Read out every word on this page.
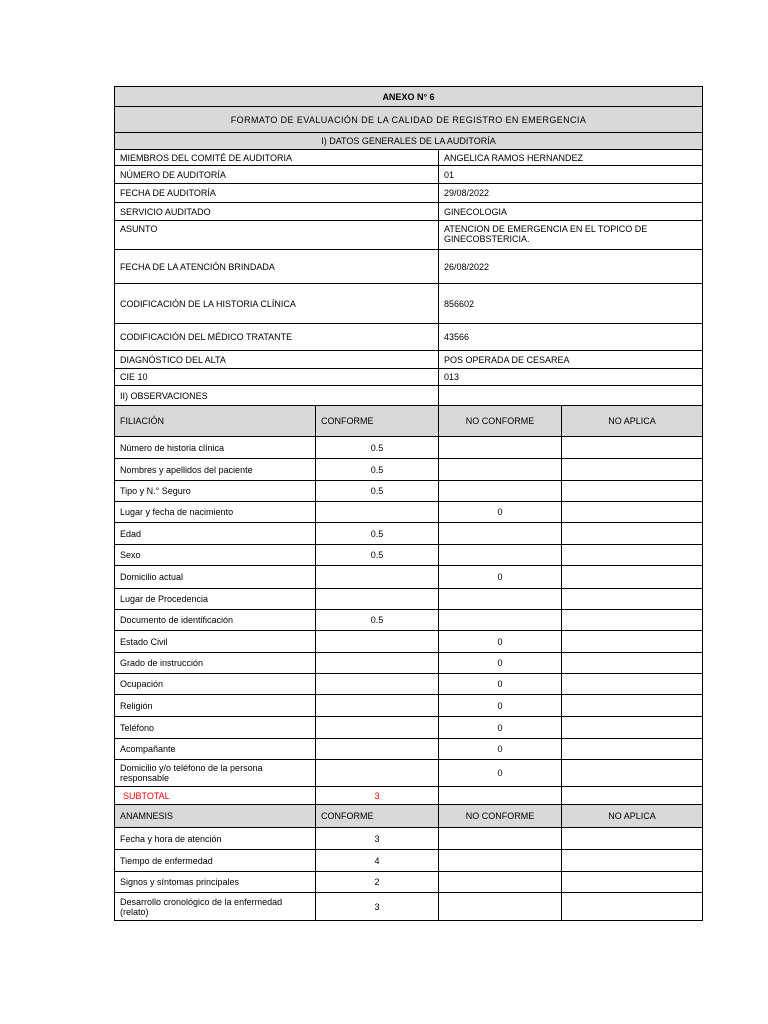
ANEXO N° 6			
FORMATO DE EVALUACIÓN DE LA CALIDAD DE REGISTRO EN EMERGENCIA			
I) DATOS GENERALES DE LA AUDITORÍA			
MIEMBROS DEL COMITÉ DE AUDITORIA		ANGELICA RAMOS HERNANDEZ	
NÚMERO DE AUDITORÍA		01	
FECHA DE AUDITORÍA		29/08/2022	
SERVICIO AUDITADO		GINECOLOGIA	
ASUNTO		ATENCION DE EMERGENCIA EN EL TOPICO DE GINECOBSTERICIA.	
FECHA DE LA ATENCIÓN BRINDADA		26/08/2022	
CODIFICACIÓN DE LA HISTORIA CLÍNICA		856602	
CODIFICACIÓN DEL MÉDICO TRATANTE		43566	
DIAGNÓSTICO DEL ALTA		POS OPERADA DE CESAREA	
CIE 10		013	
II) OBSERVACIONES			
FILIACIÓN	CONFORME	NO CONFORME	NO APLICA
Número de historia clínica	0.5		
Nombres y apellidos del paciente	0.5		
Tipo y N.° Seguro	0.5		
Lugar y fecha de nacimiento		0	
Edad	0.5		
Sexo	0.5		
Domicilio actual		0	
Lugar de Procedencia			
Documento de identificación	0.5		
Estado Civil		0	
Grado de instrucción		0	
Ocupación		0	
Religión		0	
Teléfono		0	
Acompañante		0	
Domicilio y/o teléfono de la persona responsable		0	
SUBTOTAL	3		
ANAMNESIS	CONFORME	NO CONFORME	NO APLICA
Fecha y hora de atención	3		
Tiempo de enfermedad	4		
Signos y síntomas principales	2		
Desarrollo cronológico de la enfermedad (relato)	3		
